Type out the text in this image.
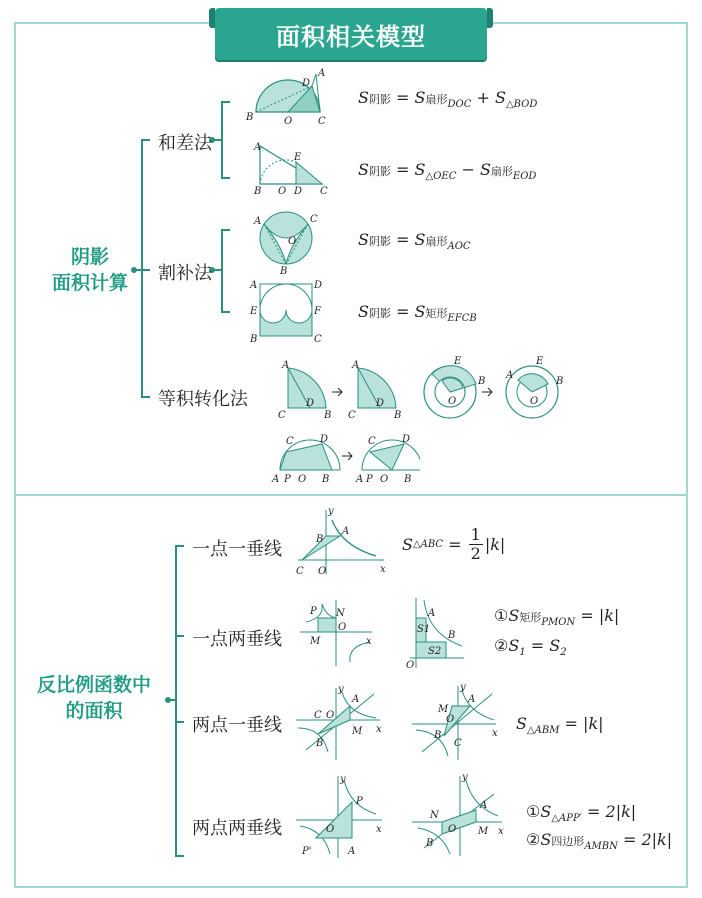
面积相关模型
阴影
面积计算
反比例函数中
的面积
和差法
割补法
等积转化法
一点一垂线
一点两垂线
两点一垂线
两点两垂线
S阴影 = S扇形$_{DOC} + S_{\triangle BOD}$
S阴影 = $S_{\triangle OEC} - S$扇形$_{EOD}$
S阴影 = S扇形$_{AOC}$
S阴影 = S矩形$_{EFCB}$
S △ABC = $\frac{1}{2} |k|$
①S矩形$_{PMON}$ = |k|
$②S_1 = S_2$
$S_{\triangle ABM} = |k|$
$①S_{\triangle APP'} = 2|k|$
②S四边形$_{AMBN}$ = 2|k|
B	O	C
D
A
A
E
B O D C
A	C
O
B
A	D
E	F
B	C
A
C
D
B
A
C
D
B
E
B
O
A
E
B
O
C	D
A P O B
C	D
A P O B
y
x
A
B
C O
P N
O
M	x
A
S1
B
S2
O
y
A
C O
M
B
x
y
A
M
O
B
C
x
y
P
O
P'	A
x
y
A
N
O M
B
x
